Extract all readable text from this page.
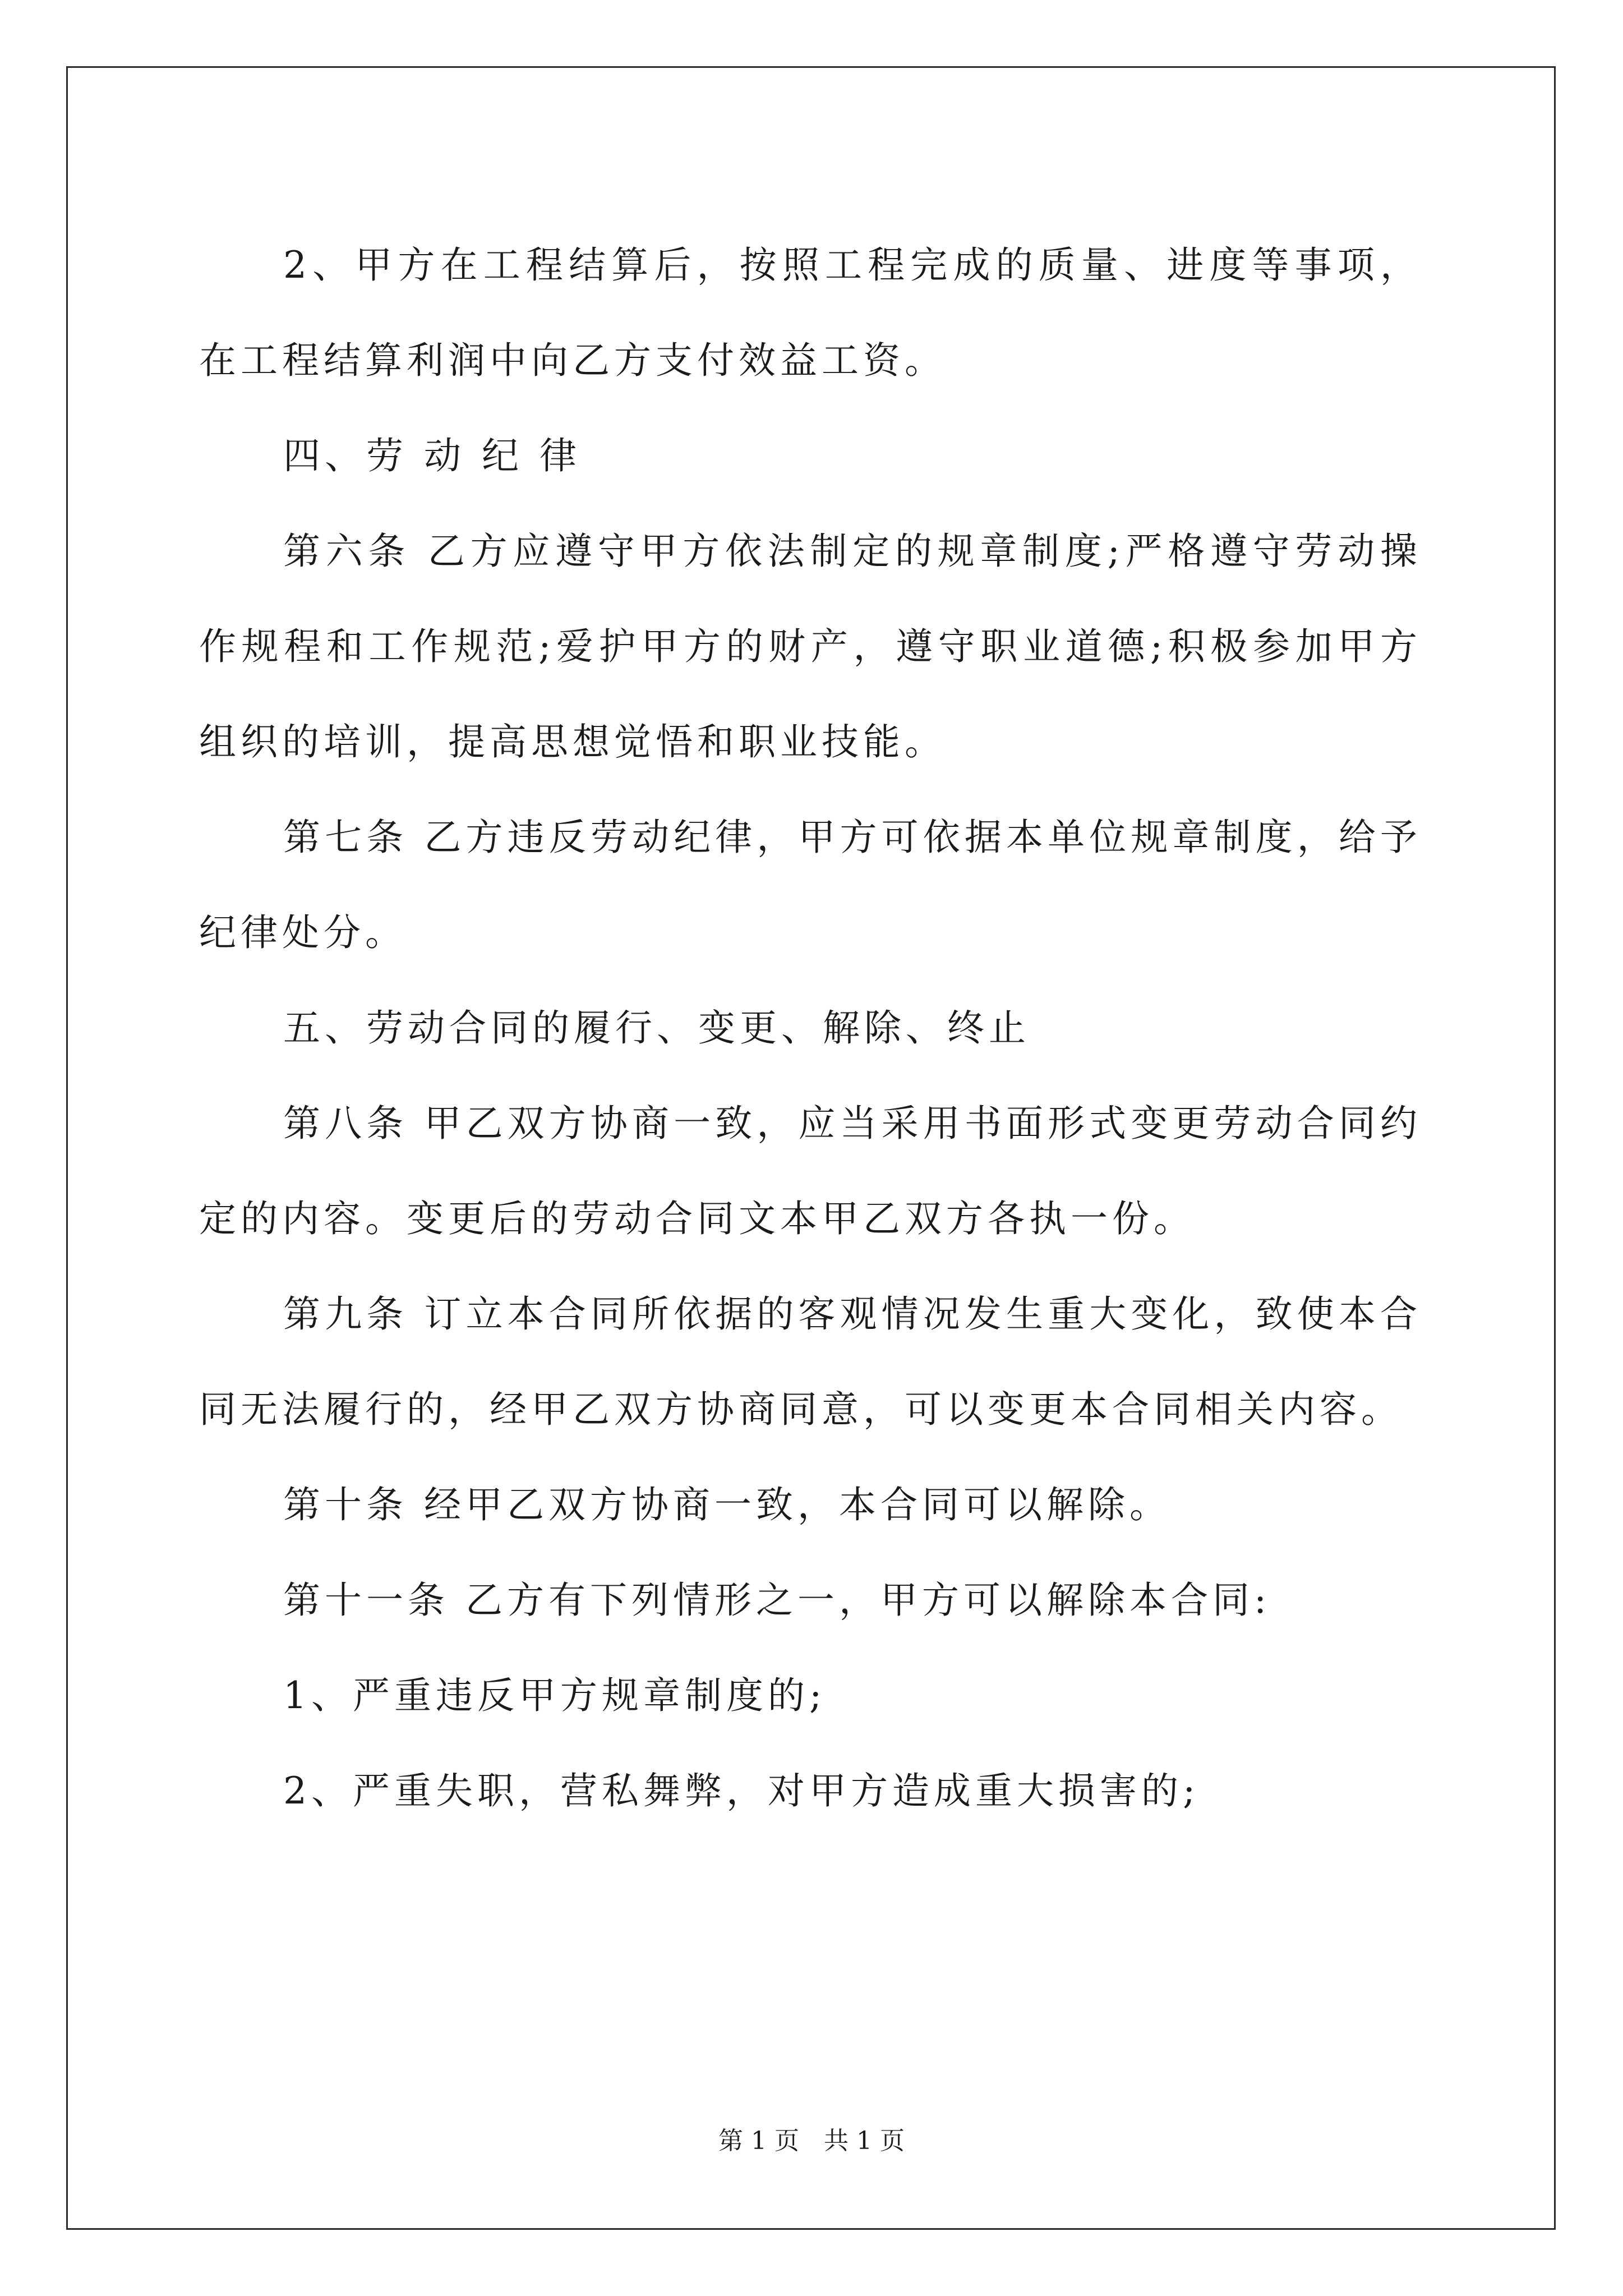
2、甲方在工程结算后，按照工程完成的质量、进度等事项，在工程结算利润中向乙方支付效益工资。

四、劳 动 纪 律

第六条 乙方应遵守甲方依法制定的规章制度;严格遵守劳动操作规程和工作规范;爱护甲方的财产，遵守职业道德;积极参加甲方组织的培训，提高思想觉悟和职业技能。

第七条 乙方违反劳动纪律，甲方可依据本单位规章制度，给予纪律处分。

五、劳动合同的履行、变更、解除、终止

第八条 甲乙双方协商一致，应当采用书面形式变更劳动合同约定的内容。变更后的劳动合同文本甲乙双方各执一份。

第九条 订立本合同所依据的客观情况发生重大变化，致使本合同无法履行的，经甲乙双方协商同意，可以变更本合同相关内容。

第十条 经甲乙双方协商一致，本合同可以解除。

第十一条 乙方有下列情形之一，甲方可以解除本合同:

1、严重违反甲方规章制度的;

2、严重失职，营私舞弊，对甲方造成重大损害的;

第 1 页　共 1 页
